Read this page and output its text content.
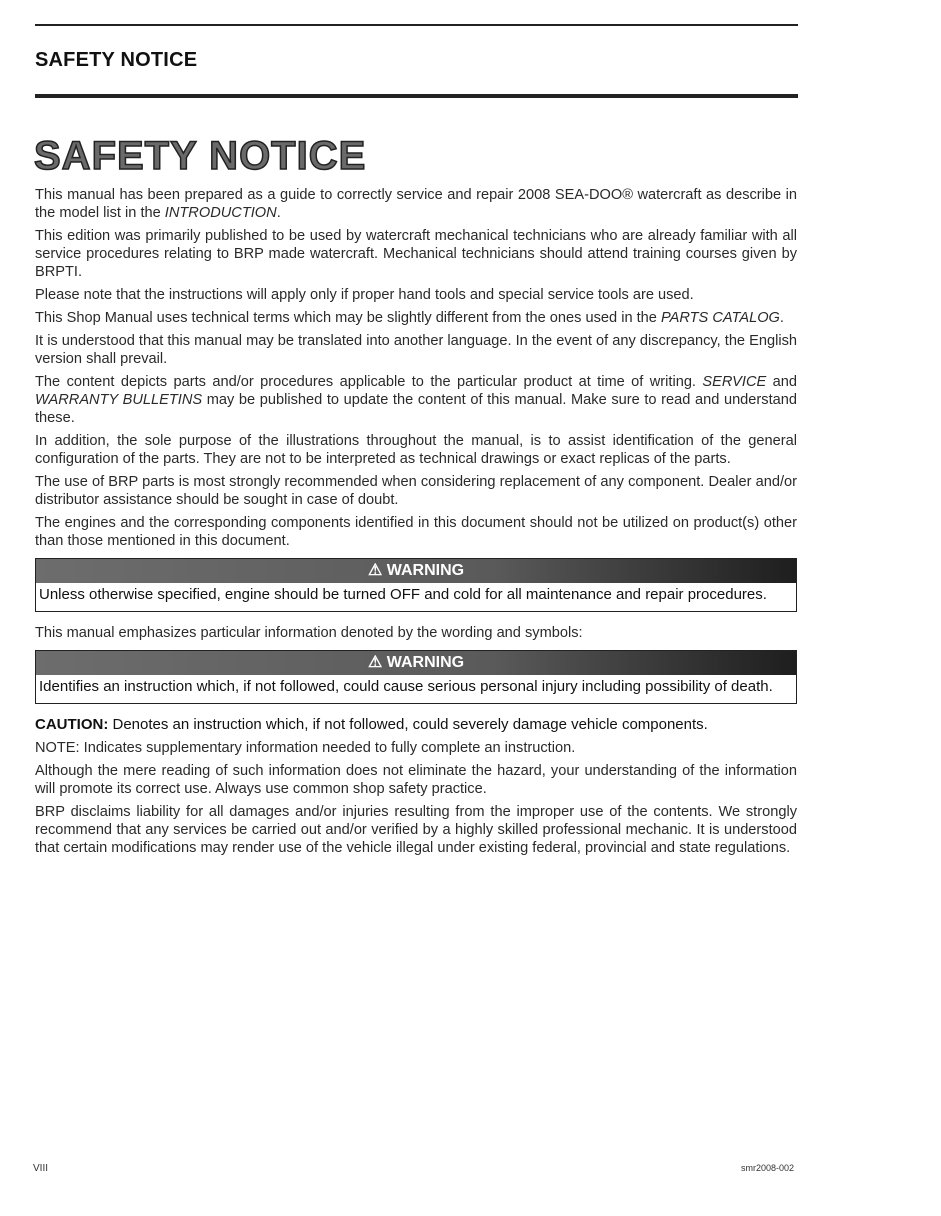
SAFETY NOTICE
SAFETY NOTICE

This manual has been prepared as a guide to correctly service and repair 2008 SEA-DOO® watercraft as describe in the model list in the INTRODUCTION.

This edition was primarily published to be used by watercraft mechanical technicians who are already familiar with all service procedures relating to BRP made watercraft. Mechanical technicians should attend training courses given by BRPTI.

Please note that the instructions will apply only if proper hand tools and special service tools are used.

This Shop Manual uses technical terms which may be slightly different from the ones used in the PARTS CATALOG.

It is understood that this manual may be translated into another language. In the event of any discrepancy, the English version shall prevail.

The content depicts parts and/or procedures applicable to the particular product at time of writing. SERVICE and WARRANTY BULLETINS may be published to update the content of this manual. Make sure to read and understand these.

In addition, the sole purpose of the illustrations throughout the manual, is to assist identification of the general configuration of the parts. They are not to be interpreted as technical drawings or exact replicas of the parts.

The use of BRP parts is most strongly recommended when considering replacement of any component. Dealer and/or distributor assistance should be sought in case of doubt.

The engines and the corresponding components identified in this document should not be utilized on product(s) other than those mentioned in this document.

⚠ WARNING
Unless otherwise specified, engine should be turned OFF and cold for all maintenance and repair procedures.

This manual emphasizes particular information denoted by the wording and symbols:

⚠ WARNING
Identifies an instruction which, if not followed, could cause serious personal injury including possibility of death.

CAUTION: Denotes an instruction which, if not followed, could severely damage vehicle components.

NOTE: Indicates supplementary information needed to fully complete an instruction.

Although the mere reading of such information does not eliminate the hazard, your understanding of the information will promote its correct use. Always use common shop safety practice.

BRP disclaims liability for all damages and/or injuries resulting from the improper use of the contents. We strongly recommend that any services be carried out and/or verified by a highly skilled professional mechanic. It is understood that certain modifications may render use of the vehicle illegal under existing federal, provincial and state regulations.

VIII	smr2008-002
